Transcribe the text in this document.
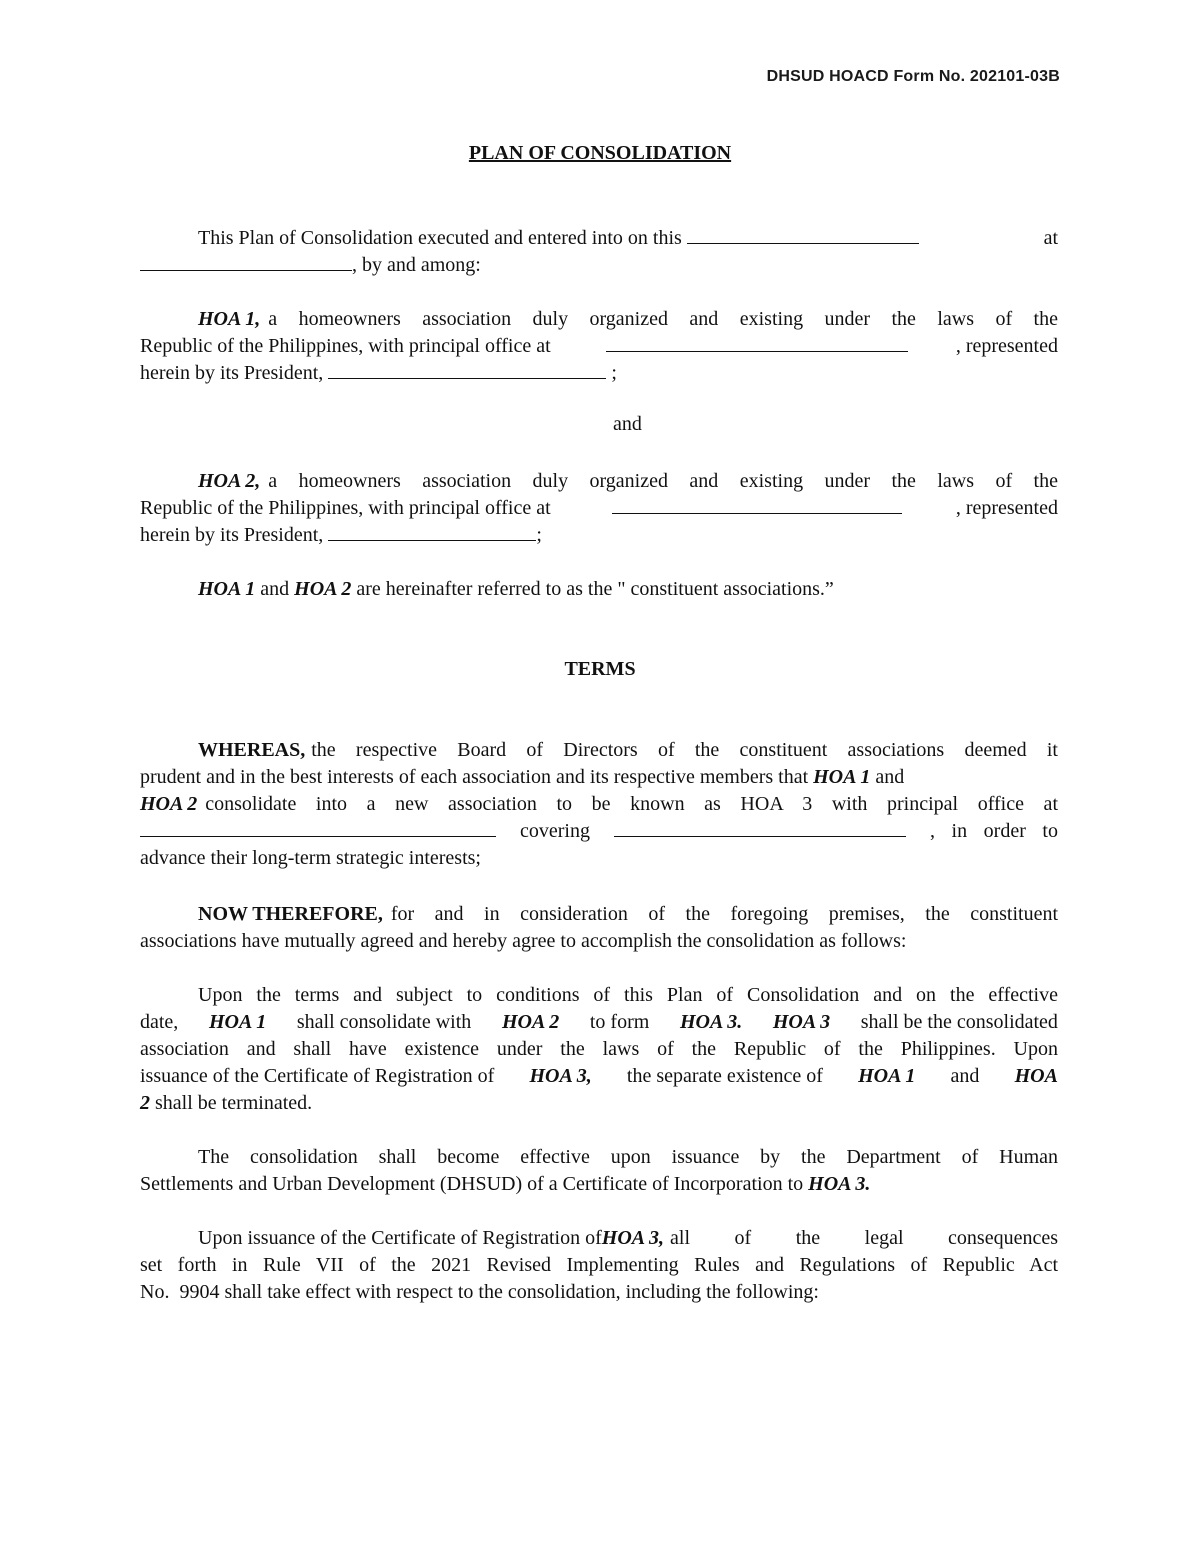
DHSUD HOACD Form No. 202101-03B
PLAN OF CONSOLIDATION
This Plan of Consolidation executed and entered into on this	at
, by and among:
HOA 1, a homeowners association duly organized and existing under the laws of the
Republic of the Philippines, with principal office at	, represented
herein by its President,	;
and
HOA 2, a homeowners association duly organized and existing under the laws of the
Republic of the Philippines, with principal office at	, represented
herein by its President,	;
HOA 1 and HOA 2 are hereinafter referred to as the " constituent associations.”
TERMS
WHEREAS, the respective Board of Directors of the constituent associations deemed it
prudent and in the best interests of each association and its respective members that HOA 1 and
HOA 2 consolidate into a new association to be known as HOA 3 with principal office at
covering	, in order to
advance their long-term strategic interests;
NOW THEREFORE, for and in consideration of the foregoing premises, the constituent
associations have mutually agreed and hereby agree to accomplish the consolidation as follows:
Upon the terms and subject to conditions of this Plan of Consolidation and on the effective
date, HOA 1 shall consolidate with HOA 2 to form HOA 3. HOA 3 shall be the consolidated
association and shall have existence under the laws of the Republic of the Philippines. Upon
issuance of the Certificate of Registration of HOA 3, the separate existence of HOA 1 and HOA
2 shall be terminated.
The consolidation shall become effective upon issuance by the Department of Human
Settlements and Urban Development (DHSUD) of a Certificate of Incorporation to HOA 3.
Upon issuance of the Certificate of Registration of HOA 3, all of the legal consequences
set forth in Rule VII of the 2021 Revised Implementing Rules and Regulations of Republic Act
No.  9904 shall take effect with respect to the consolidation, including the following:
